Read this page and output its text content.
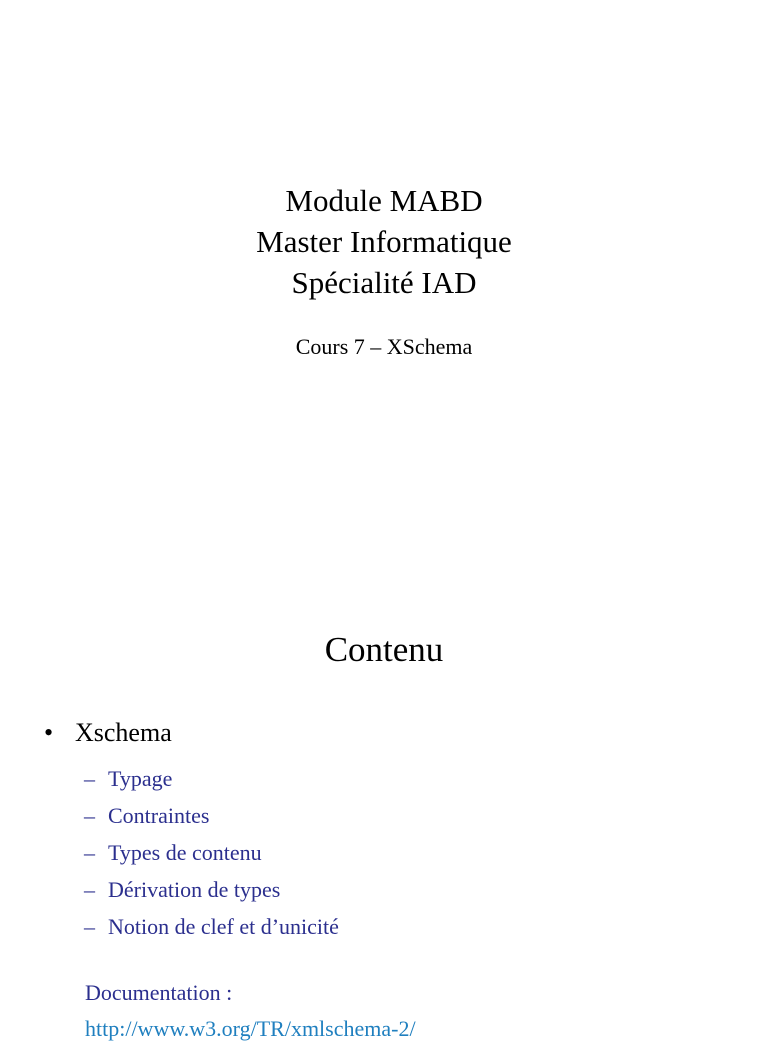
Module MABD
Master Informatique
Spécialité IAD
Cours 7 – XSchema
Contenu
• Xschema
– Typage
– Contraintes
– Types de contenu
– Dérivation de types
– Notion de clef et d’unicité
Documentation :
http://www.w3.org/TR/xmlschema-2/
